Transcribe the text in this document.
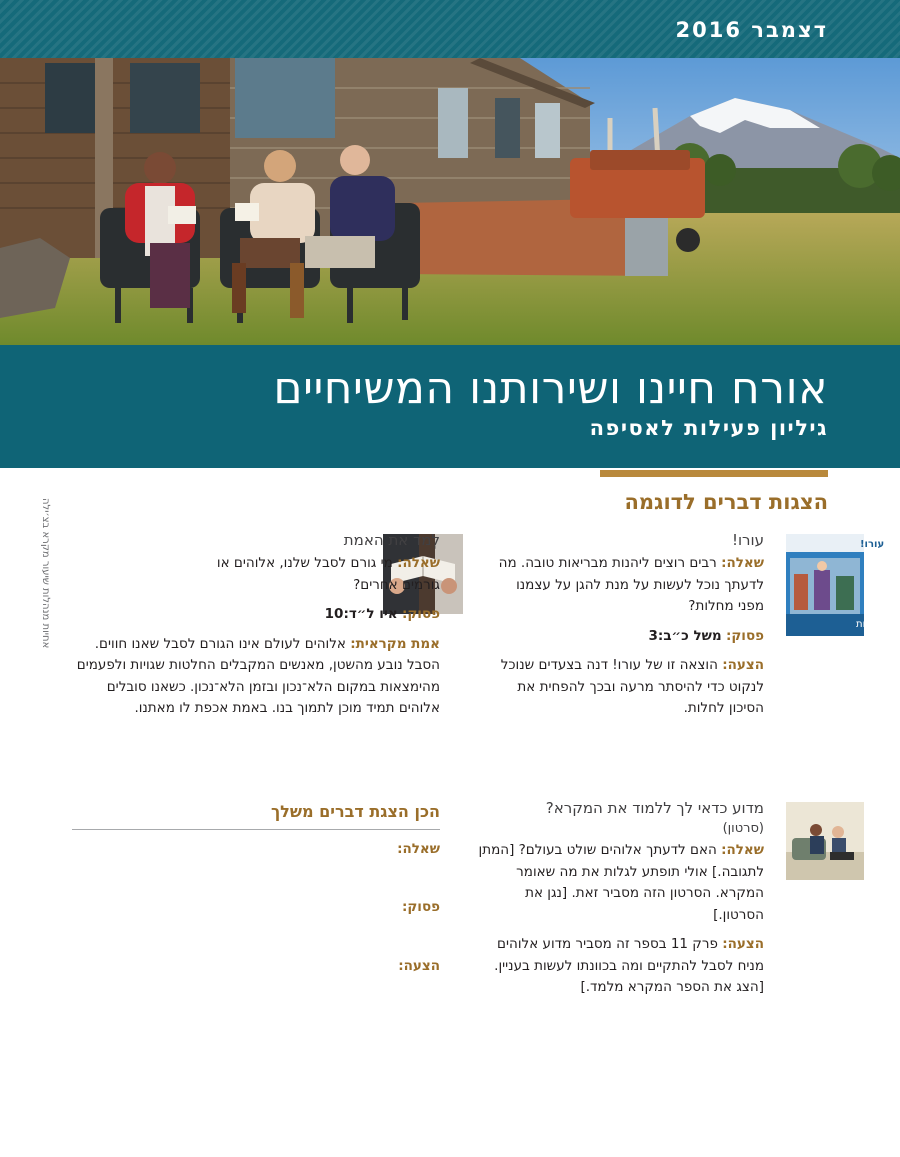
דצמבר 2016
אורח חיינו ושירותנו המשיחיים
גיליון פעילות לאסיפה
אחיות מנהלות שיעור מקרא בצ׳ילה	הצגות דברים לדוגמה
עורו!
מחלות
עורו!

שאלה: רבים רוצים ליהנות מבריאות טובה. מה לדעתך נוכל לעשות על מנת להגן על עצמנו מפני מחלות?

פסוק: משל כ״ב:3

הצעה: הוצאה זו של עורו! דנה בצעדים שנוכל לנקוט כדי להיסתר מרעה ובכך להפחית את הסיכון לחלות.

לְמד את האמת

שאלה: מי גורם לסבל שלנו, אלוהים או גורמים אחרים?

פסוק: איו ל״ד:10

אמת מקראית: אלוהים לעולם אינו הגורם לסבל שאנו חווים. הסבל נובע מהשטן, מאנשים המקבלים החלטות שגויות ולפעמים מהימצאות במקום הלא־נכון ובזמן הלא־נכון. כשאנו סובלים אלוהים תמיד מוכן לתמוך בנו. באמת אכפת לו מאתנו.

מדוע כדאי לך ללמוד את המקרא?
(סרטון)

שאלה: האם לדעתך אלוהים שולט בעולם? [המתן לתגובה.] אולי תופתע לגלות את מה שאומר המקרא. הסרטון הזה מסביר זאת. [נגן את הסרטון.]

הצעה: פרק 11 בספר זה מסביר מדוע אלוהים מניח לסבל להתקיים ומה בכוונתו לעשות בעניין. [הצג את הספר המקרא מלמד.]

הכן הצגת דברים משלך
שאלה:
פסוק:
הצעה:
